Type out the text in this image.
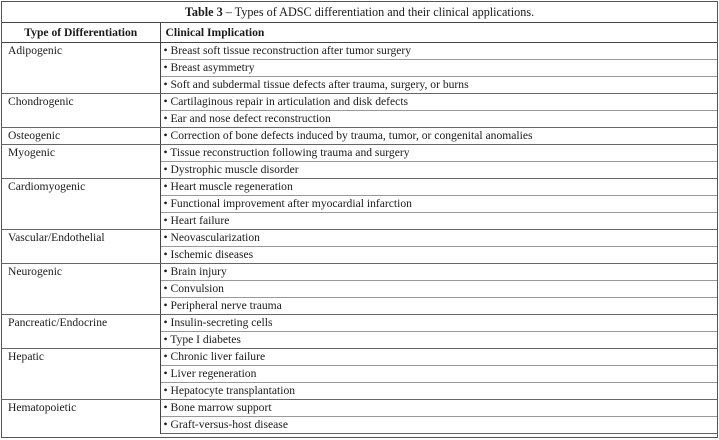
Table 3 – Types of ADSC differentiation and their clinical applications.
Type of Differentiation	Clinical Implication
Adipogenic	• Breast soft tissue reconstruction after tumor surgery
	• Breast asymmetry
	• Soft and subdermal tissue defects after trauma, surgery, or burns
Chondrogenic	• Cartilaginous repair in articulation and disk defects
	• Ear and nose defect reconstruction
Osteogenic	• Correction of bone defects induced by trauma, tumor, or congenital anomalies
Myogenic	• Tissue reconstruction following trauma and surgery
	• Dystrophic muscle disorder
Cardiomyogenic	• Heart muscle regeneration
	• Functional improvement after myocardial infarction
	• Heart failure
Vascular/Endothelial	• Neovascularization
	• Ischemic diseases
Neurogenic	• Brain injury
	• Convulsion
	• Peripheral nerve trauma
Pancreatic/Endocrine	• Insulin-secreting cells
	• Type I diabetes
Hepatic	• Chronic liver failure
	• Liver regeneration
	• Hepatocyte transplantation
Hematopoietic	• Bone marrow support
	• Graft-versus-host disease
